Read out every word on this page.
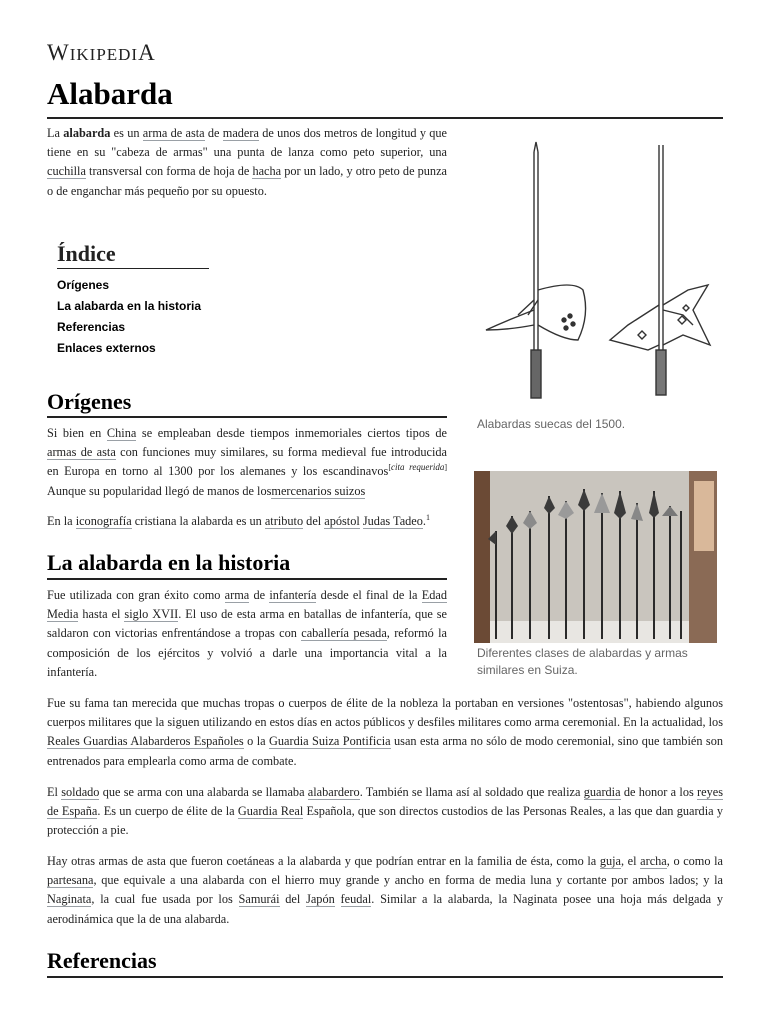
WIKIPEDIA
Alabarda

La alabarda es un arma de asta de madera de unos dos metros de longitud y que tiene en su "cabeza de armas" una punta de lanza como peto superior, una cuchilla transversal con forma de hoja de hacha por un lado, y otro peto de punza o de enganchar más pequeño por su opuesto.

Índice
Orígenes
La alabarda en la historia
Referencias
Enlaces externos
Alabardas suecas del 1500.
Diferentes clases de alabardas y armas similares en Suiza.
Orígenes

Si bien en China se empleaban desde tiempos inmemoriales ciertos tipos de armas de asta con funciones muy similares, su forma medieval fue introducida en Europa en torno al 1300 por los alemanes y los escandinavos[cita requerida] Aunque su popularidad llegó de manos de losmercenarios suizos

En la iconografía cristiana la alabarda es un atributo del apóstol Judas Tadeo.$^1$

La alabarda en la historia

Fue utilizada con gran éxito como arma de infantería desde el final de la Edad Media hasta el siglo XVII. El uso de esta arma en batallas de infantería, que se saldaron con victorias enfrentándose a tropas con caballería pesada, reformó la composición de los ejércitos y volvió a darle una importancia vital a la infantería.

Fue su fama tan merecida que muchas tropas o cuerpos de élite de la nobleza la portaban en versiones "ostentosas", habiendo algunos cuerpos militares que la siguen utilizando en estos días en actos públicos y desfiles militares como arma ceremonial. En la actualidad, los Reales Guardias Alabarderos Españoles o la Guardia Suiza Pontificia usan esta arma no sólo de modo ceremonial, sino que también son entrenados para emplearla como arma de combate.

El soldado que se arma con una alabarda se llamaba alabardero. También se llama así al soldado que realiza guardia de honor a los reyes de España. Es un cuerpo de élite de la Guardia Real Española, que son directos custodios de las Personas Reales, a las que dan guardia y protección a pie.

Hay otras armas de asta que fueron coetáneas a la alabarda y que podrían entrar en la familia de ésta, como la guja, el archa, o como la partesana, que equivale a una alabarda con el hierro muy grande y ancho en forma de media luna y cortante por ambos lados; y la Naginata, la cual fue usada por los Samurái del Japón feudal. Similar a la alabarda, la Naginata posee una hoja más delgada y aerodinámica que la de una alabarda.

Referencias
